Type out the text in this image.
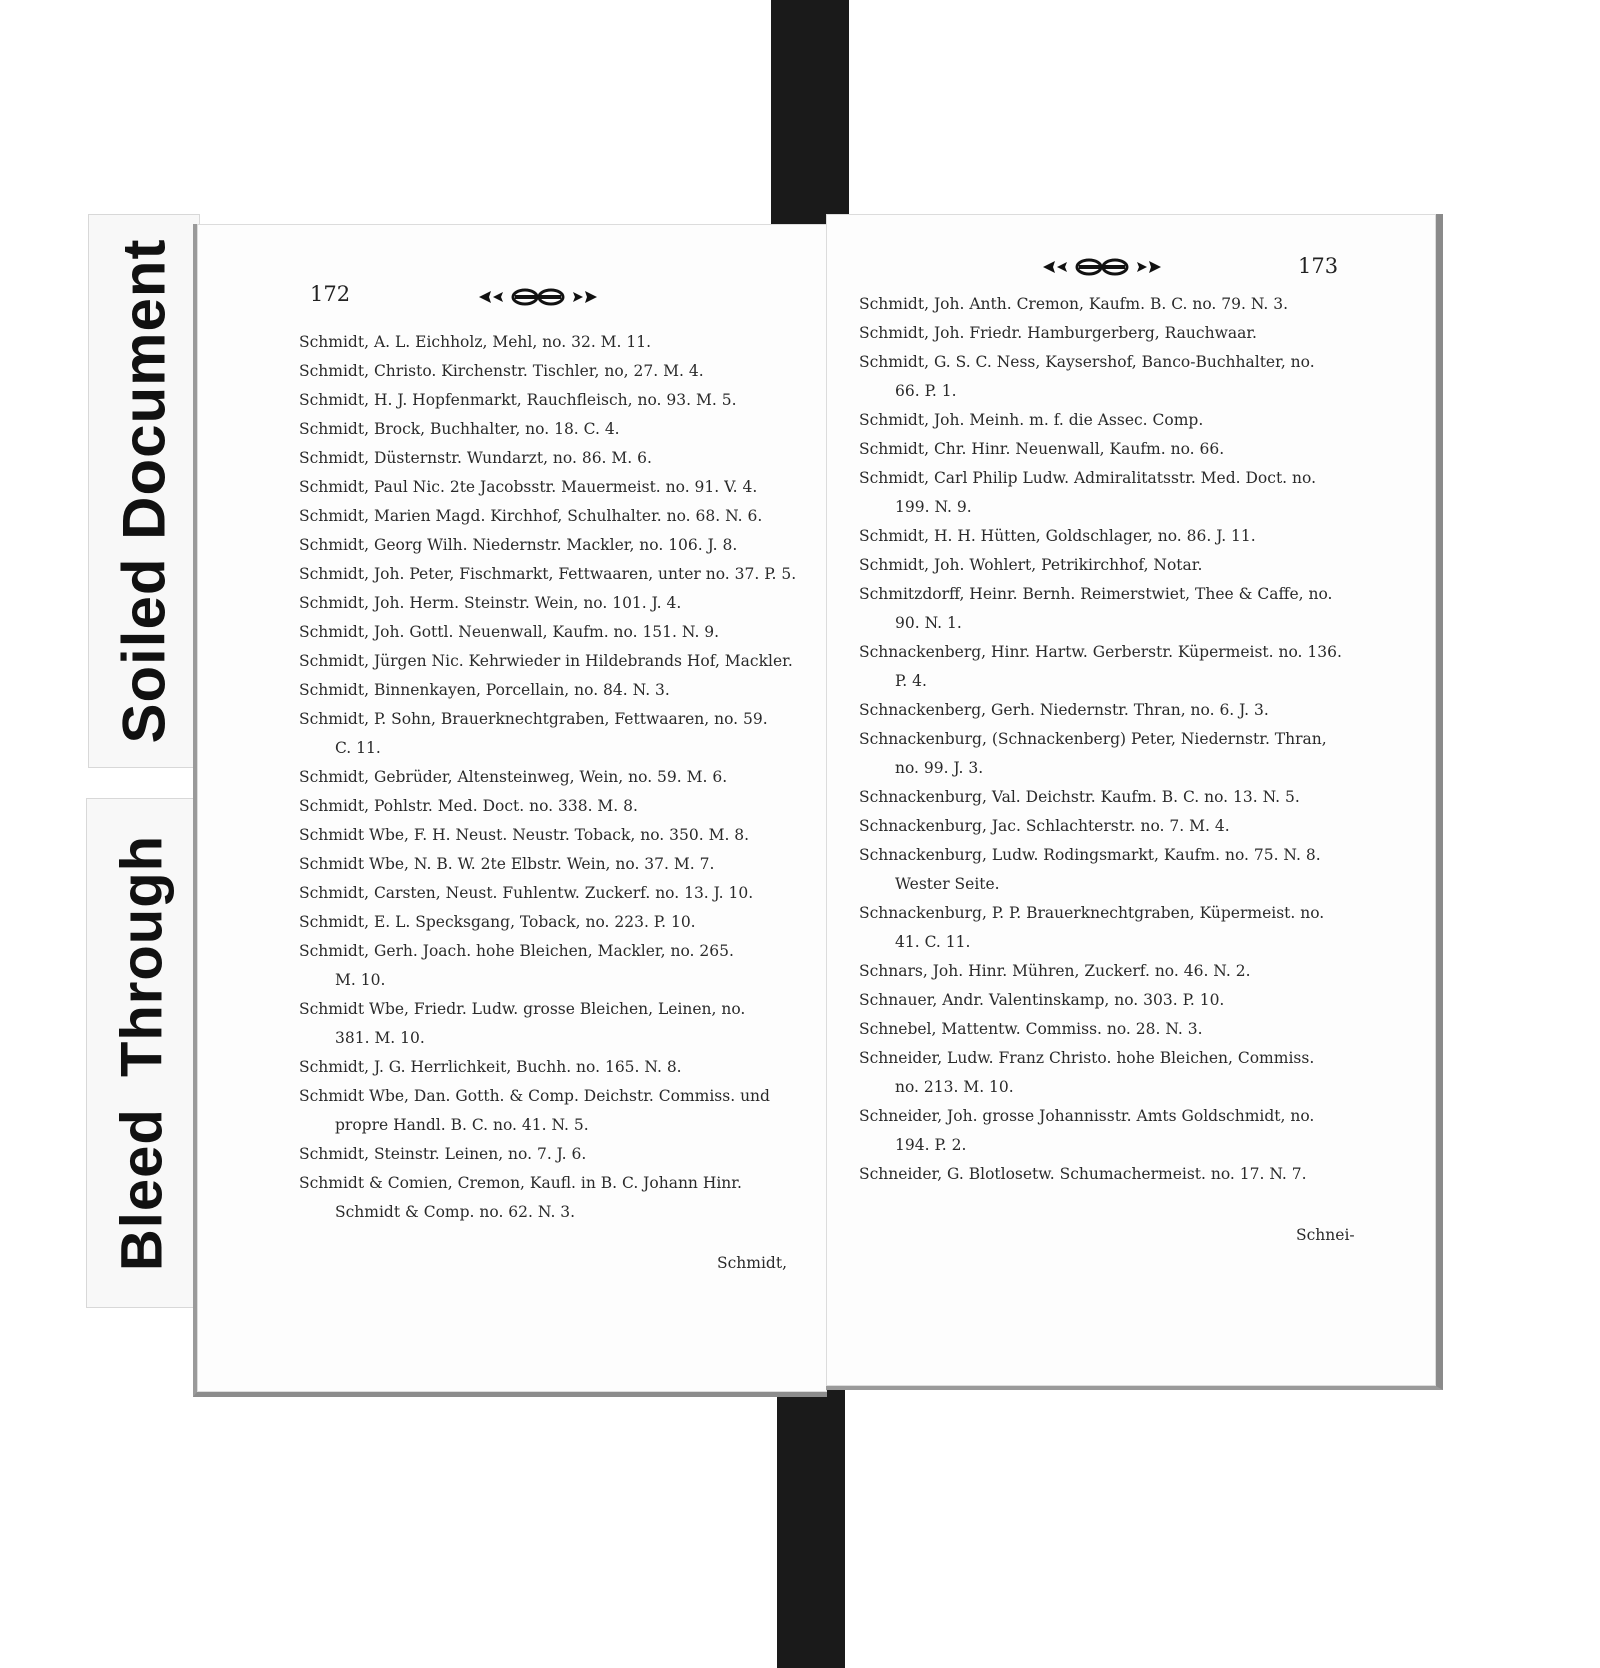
Soiled Document
Bleed Through
172
Schmidt, A. L. Eichholz, Mehl, no. 32. M. 11.
Schmidt, Christo. Kirchenstr. Tischler, no, 27. M. 4.
Schmidt, H. J. Hopfenmarkt, Rauchfleisch, no. 93. M. 5.
Schmidt, Brock, Buchhalter, no. 18. C. 4.
Schmidt, Düsternstr. Wundarzt, no. 86. M. 6.
Schmidt, Paul Nic. 2te Jacobsstr. Mauermeist. no. 91. V. 4.
Schmidt, Marien Magd. Kirchhof, Schulhalter. no. 68. N. 6.
Schmidt, Georg Wilh. Niedernstr. Mackler, no. 106. J. 8.
Schmidt, Joh. Peter, Fischmarkt, Fettwaaren, unter no. 37. P. 5.
Schmidt, Joh. Herm. Steinstr. Wein, no. 101. J. 4.
Schmidt, Joh. Gottl. Neuenwall, Kaufm. no. 151. N. 9.
Schmidt, Jürgen Nic. Kehrwieder in Hildebrands Hof, Mackler.
Schmidt, Binnenkayen, Porcellain, no. 84. N. 3.
Schmidt, P. Sohn, Brauerknechtgraben, Fettwaaren, no. 59.
C. 11.
Schmidt, Gebrüder, Altensteinweg, Wein, no. 59. M. 6.
Schmidt, Pohlstr. Med. Doct. no. 338. M. 8.
Schmidt Wbe, F. H. Neust. Neustr. Toback, no. 350. M. 8.
Schmidt Wbe, N. B. W. 2te Elbstr. Wein, no. 37. M. 7.
Schmidt, Carsten, Neust. Fuhlentw. Zuckerf. no. 13. J. 10.
Schmidt, E. L. Specksgang, Toback, no. 223. P. 10.
Schmidt, Gerh. Joach. hohe Bleichen, Mackler, no. 265.
M. 10.
Schmidt Wbe, Friedr. Ludw. grosse Bleichen, Leinen, no.
381. M. 10.
Schmidt, J. G. Herrlichkeit, Buchh. no. 165. N. 8.
Schmidt Wbe, Dan. Gotth. & Comp. Deichstr. Commiss. und
propre Handl. B. C. no. 41. N. 5.
Schmidt, Steinstr. Leinen, no. 7. J. 6.
Schmidt & Comien, Cremon, Kaufl. in B. C. Johann Hinr.
Schmidt & Comp. no. 62. N. 3.
Schmidt,
173
Schmidt, Joh. Anth. Cremon, Kaufm. B. C. no. 79. N. 3.
Schmidt, Joh. Friedr. Hamburgerberg, Rauchwaar.
Schmidt, G. S. C. Ness, Kaysershof, Banco-Buchhalter, no.
66. P. 1.
Schmidt, Joh. Meinh. m. f. die Assec. Comp.
Schmidt, Chr. Hinr. Neuenwall, Kaufm. no. 66.
Schmidt, Carl Philip Ludw. Admiralitatsstr. Med. Doct. no.
199. N. 9.
Schmidt, H. H. Hütten, Goldschlager, no. 86. J. 11.
Schmidt, Joh. Wohlert, Petrikirchhof, Notar.
Schmitzdorff, Heinr. Bernh. Reimerstwiet, Thee & Caffe, no.
90. N. 1.
Schnackenberg, Hinr. Hartw. Gerberstr. Küpermeist. no. 136.
P. 4.
Schnackenberg, Gerh. Niedernstr. Thran, no. 6. J. 3.
Schnackenburg, (Schnackenberg) Peter, Niedernstr. Thran,
no. 99. J. 3.
Schnackenburg, Val. Deichstr. Kaufm. B. C. no. 13. N. 5.
Schnackenburg, Jac. Schlachterstr. no. 7. M. 4.
Schnackenburg, Ludw. Rodingsmarkt, Kaufm. no. 75. N. 8.
Wester Seite.
Schnackenburg, P. P. Brauerknechtgraben, Küpermeist. no.
41. C. 11.
Schnars, Joh. Hinr. Mühren, Zuckerf. no. 46. N. 2.
Schnauer, Andr. Valentinskamp, no. 303. P. 10.
Schnebel, Mattentw. Commiss. no. 28. N. 3.
Schneider, Ludw. Franz Christo. hohe Bleichen, Commiss.
no. 213. M. 10.
Schneider, Joh. grosse Johannisstr. Amts Goldschmidt, no.
194. P. 2.
Schneider, G. Blotlosetw. Schumachermeist. no. 17. N. 7.
Schnei-
